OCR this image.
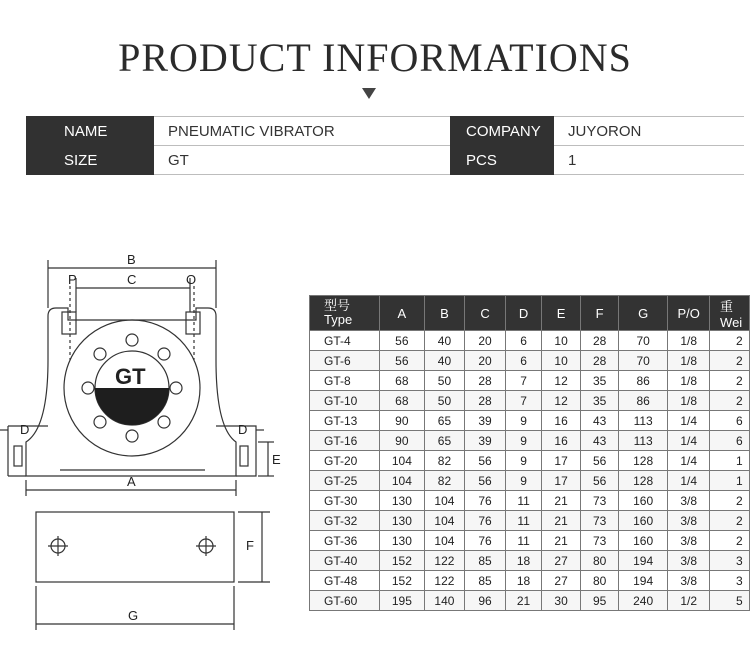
PRODUCT INFORMATIONS
NAME	PNEUMATIC VIBRATOR	COMPANY	JUYORON
SIZE	GT	PCS	1
B
C
P	O
D	D
E
A
F
G
GT
型号
Type	A	B	C	D	E	F	G	P/O	重
Wei
GT-4	56	40	20	6	10	28	70	1/8	2
GT-6	56	40	20	6	10	28	70	1/8	2
GT-8	68	50	28	7	12	35	86	1/8	2
GT-10	68	50	28	7	12	35	86	1/8	2
GT-13	90	65	39	9	16	43	113	1/4	6
GT-16	90	65	39	9	16	43	113	1/4	6
GT-20	104	82	56	9	17	56	128	1/4	1
GT-25	104	82	56	9	17	56	128	1/4	1
GT-30	130	104	76	11	21	73	160	3/8	2
GT-32	130	104	76	11	21	73	160	3/8	2
GT-36	130	104	76	11	21	73	160	3/8	2
GT-40	152	122	85	18	27	80	194	3/8	3
GT-48	152	122	85	18	27	80	194	3/8	3
GT-60	195	140	96	21	30	95	240	1/2	5
